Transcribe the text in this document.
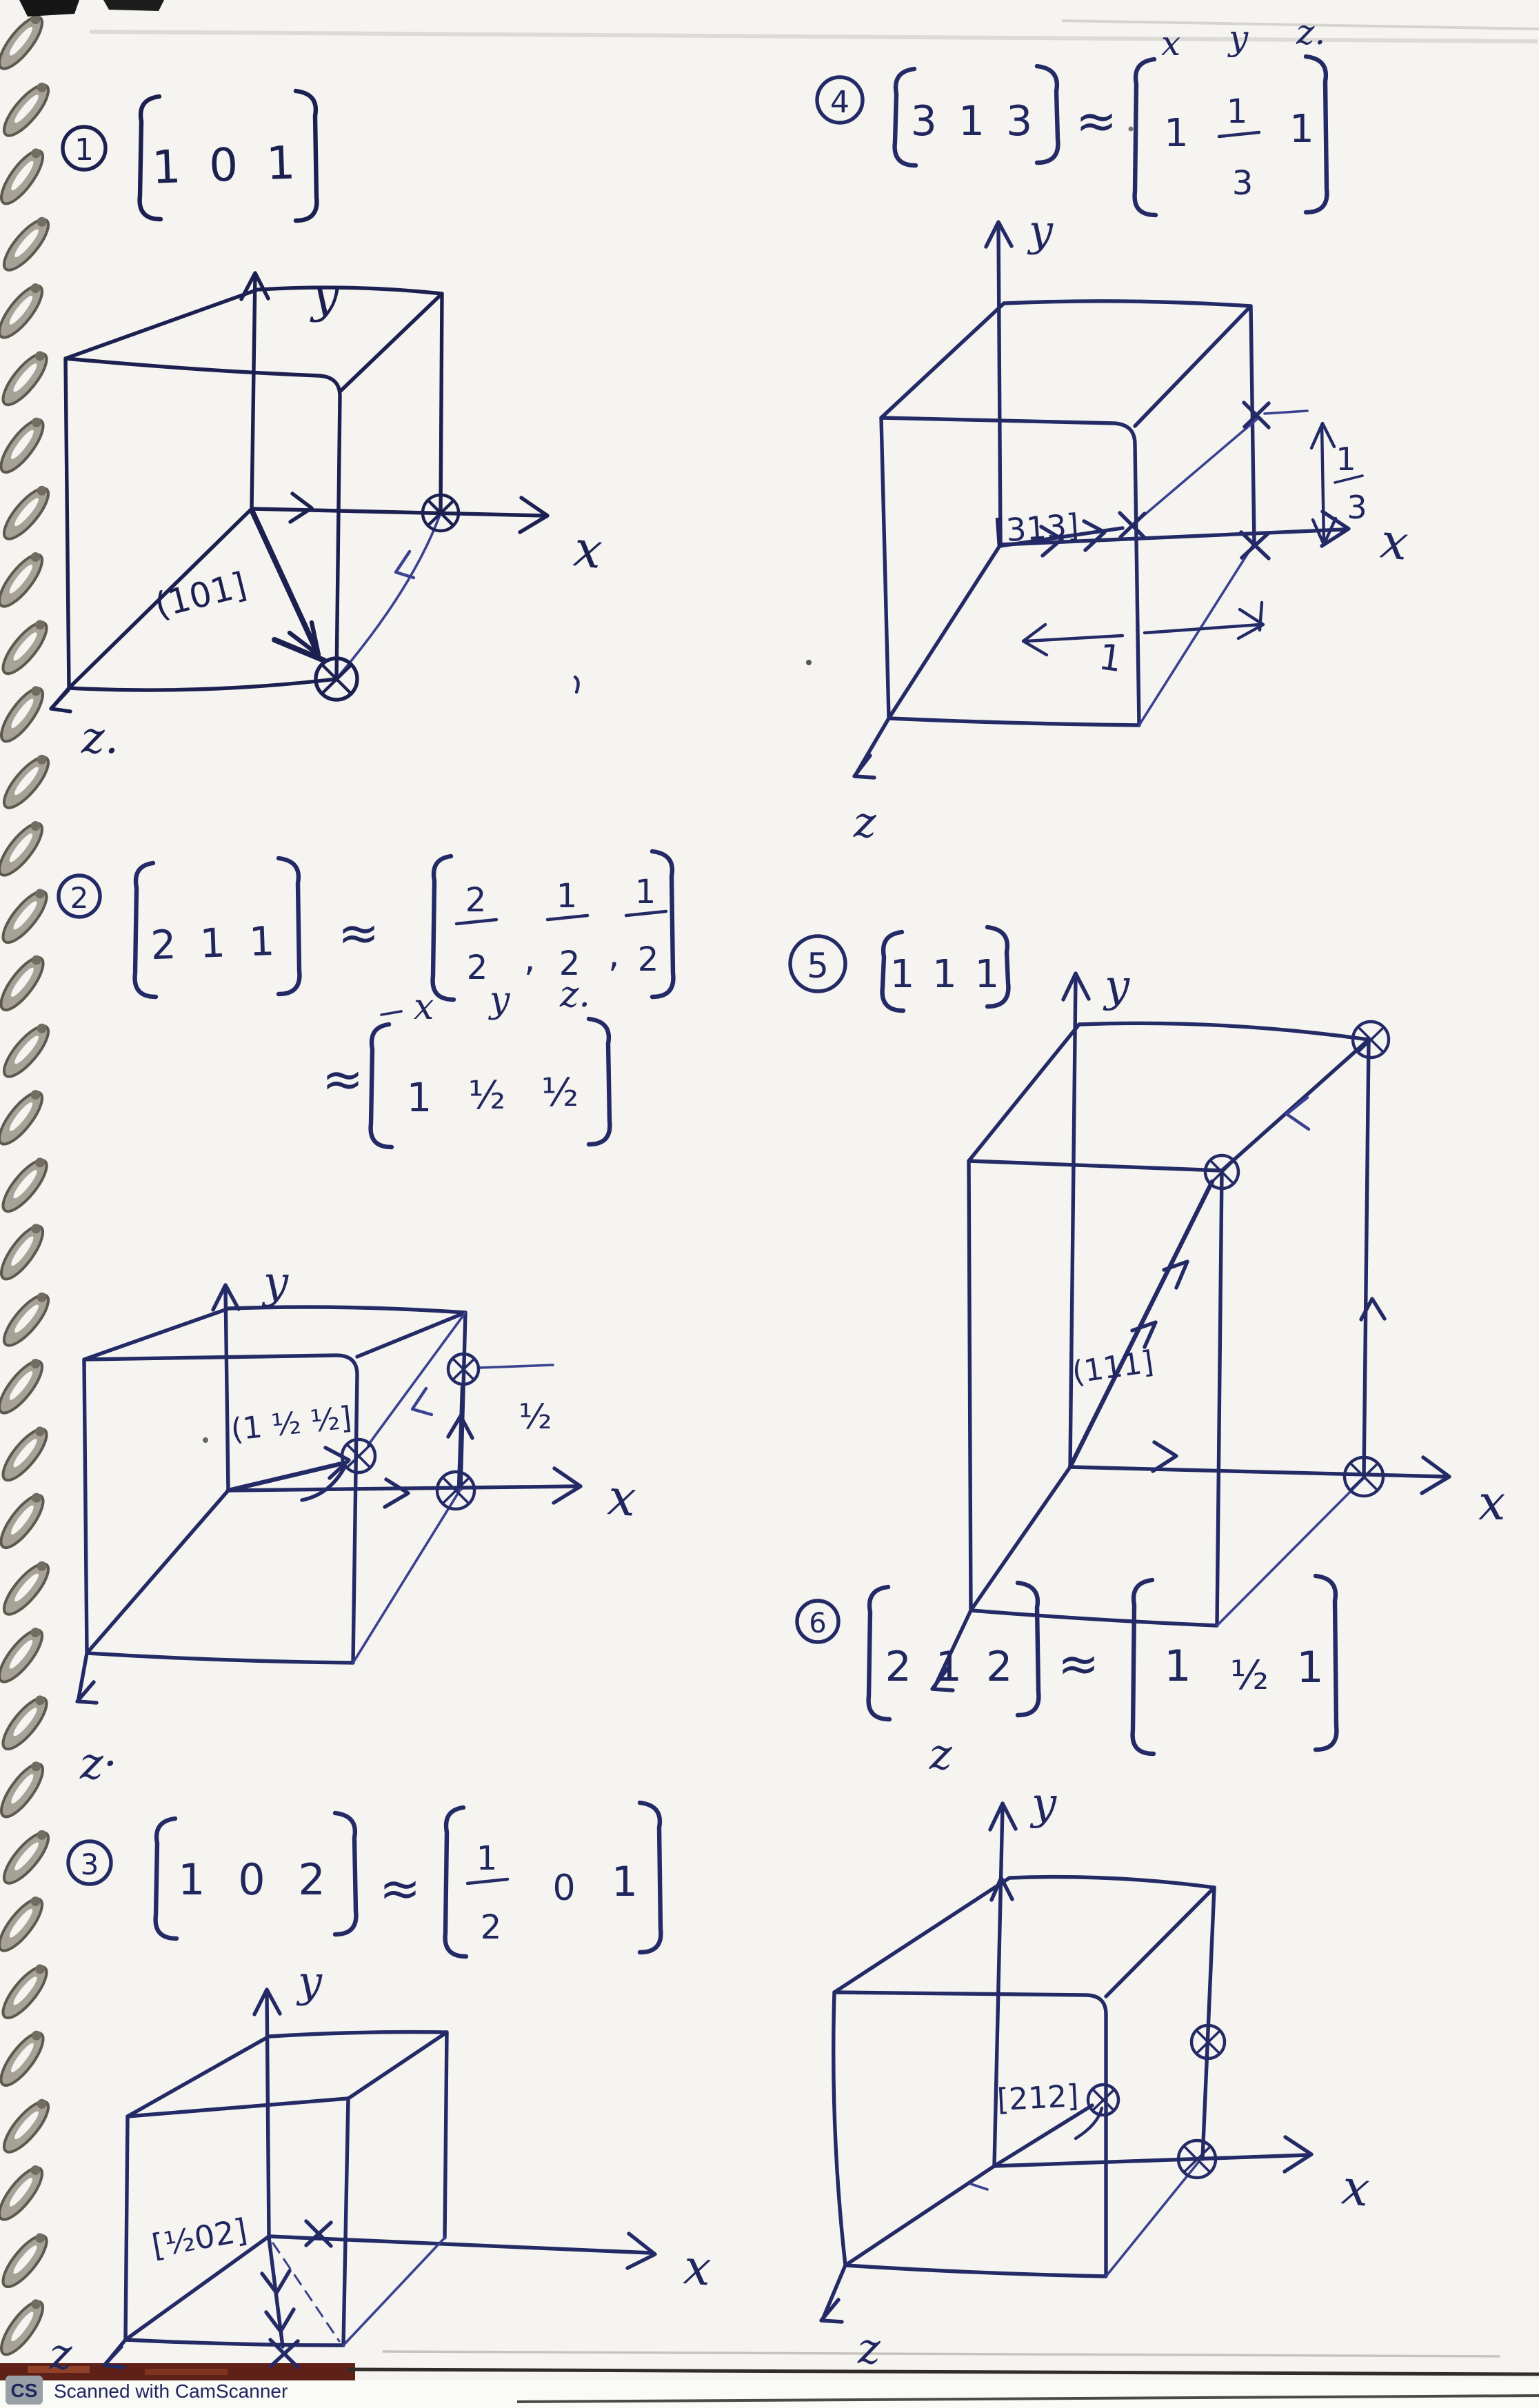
1 1 0 1
y
x
z.
(101]
2
2 1 1 ≈
2
2 ,
1
2 ,
1
2
≈
x y z.
1 ½ ½
y
x
z·
½
(1 ½ ½]
3 1 0 2 ≈
1
2
0 1
y
x
z
[½02]
4 3 1 3 ≈
x y z.
1 1
3
1
y
x
z
1
3
1
[313]
5 1 1 1 y
x
z
(111]
6
2 1 2 ≈ 1 ½ 1
y
x
z
[212]
CS Scanned with CamScanner
